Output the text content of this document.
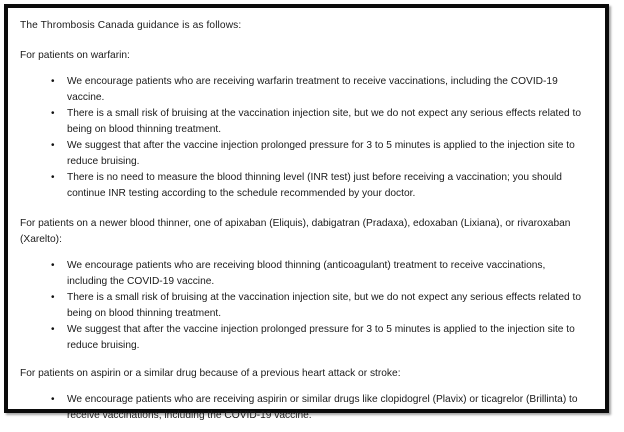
The Thrombosis Canada guidance is as follows:

For patients on warfarin:

• We encourage patients who are receiving warfarin treatment to receive vaccinations, including the COVID-19 vaccine.
• There is a small risk of bruising at the vaccination injection site, but we do not expect any serious effects related to being on blood thinning treatment.
• We suggest that after the vaccine injection prolonged pressure for 3 to 5 minutes is applied to the injection site to reduce bruising.
• There is no need to measure the blood thinning level (INR test) just before receiving a vaccination; you should continue INR testing according to the schedule recommended by your doctor.

For patients on a newer blood thinner, one of apixaban (Eliquis), dabigatran (Pradaxa), edoxaban (Lixiana), or rivaroxaban (Xarelto):

• We encourage patients who are receiving blood thinning (anticoagulant) treatment to receive vaccinations, including the COVID-19 vaccine.
• There is a small risk of bruising at the vaccination injection site, but we do not expect any serious effects related to being on blood thinning treatment.
• We suggest that after the vaccine injection prolonged pressure for 3 to 5 minutes is applied to the injection site to reduce bruising.

For patients on aspirin or a similar drug because of a previous heart attack or stroke:

• We encourage patients who are receiving aspirin or similar drugs like clopidogrel (Plavix) or ticagrelor (Brillinta) to receive vaccinations, including the COVID-19 vaccine.
